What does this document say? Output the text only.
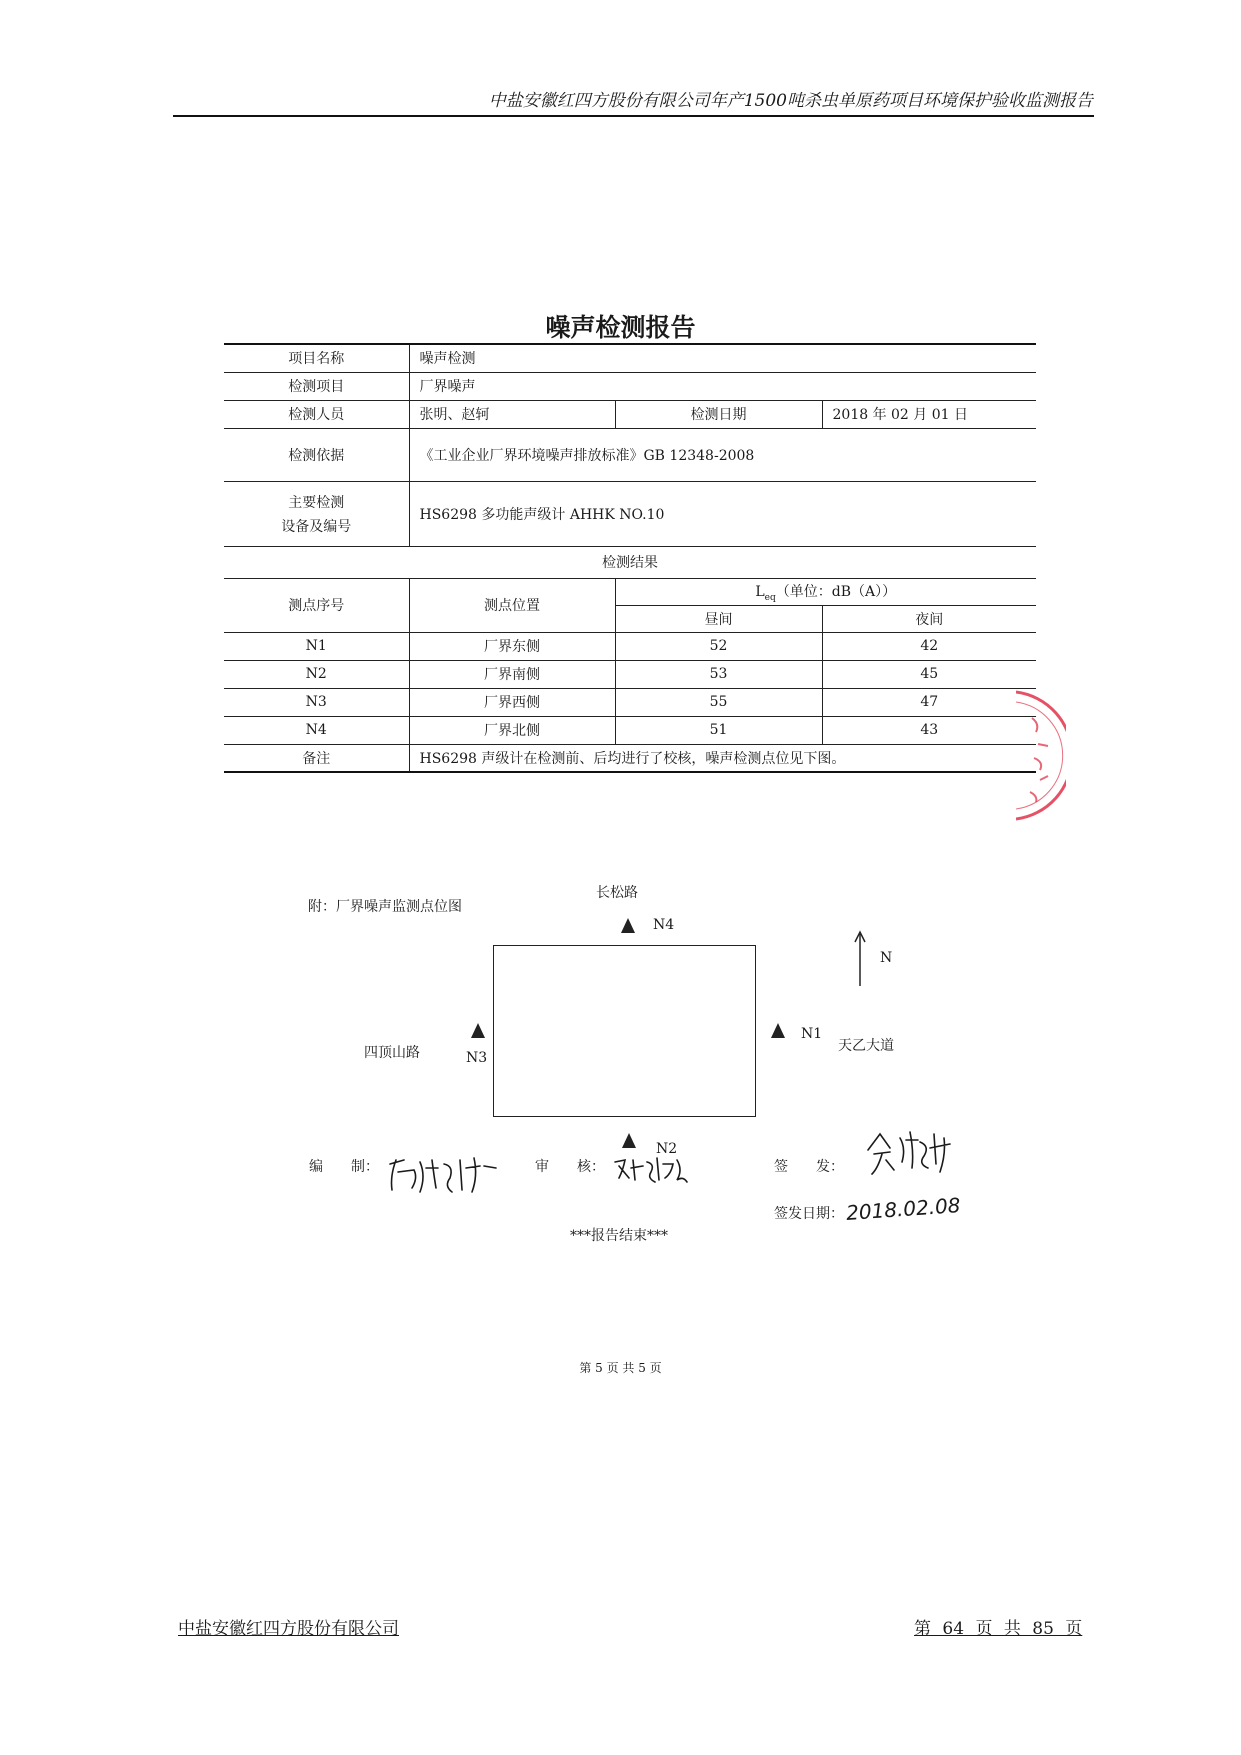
中盐安徽红四方股份有限公司年产1500吨杀虫单原药项目环境保护验收监测报告
噪声检测报告
项目名称	噪声检测		
检测项目	厂界噪声		
检测人员	张明、赵轲	检测日期	2018 年 02 月 01 日
检测依据	《工业企业厂界环境噪声排放标准》GB 12348-2008		

主要检测
设备及编号	HS6298 多功能声级计 AHHK NO.10		
检测结果			
测点序号	测点位置	$L_{eq}$（单位：dB（A））	
		昼间	夜间
N1	厂界东侧	52	42
N2	厂界南侧	53	45
N3	厂界西侧	55	47
N4	厂界北侧	51	43
备注	HS6298 声级计在检测前、后均进行了校核，噪声检测点位见下图。		
附：厂界噪声监测点位图
长松路
N4
N1
天乙大道
N3
四顶山路
N2
N
编　　制：	审　　核：	签　　发：
签发日期： 2018.02.08
***报告结束***
第 5 页 共 5 页
中盐安徽红四方股份有限公司	第 64 页 共 85 页
